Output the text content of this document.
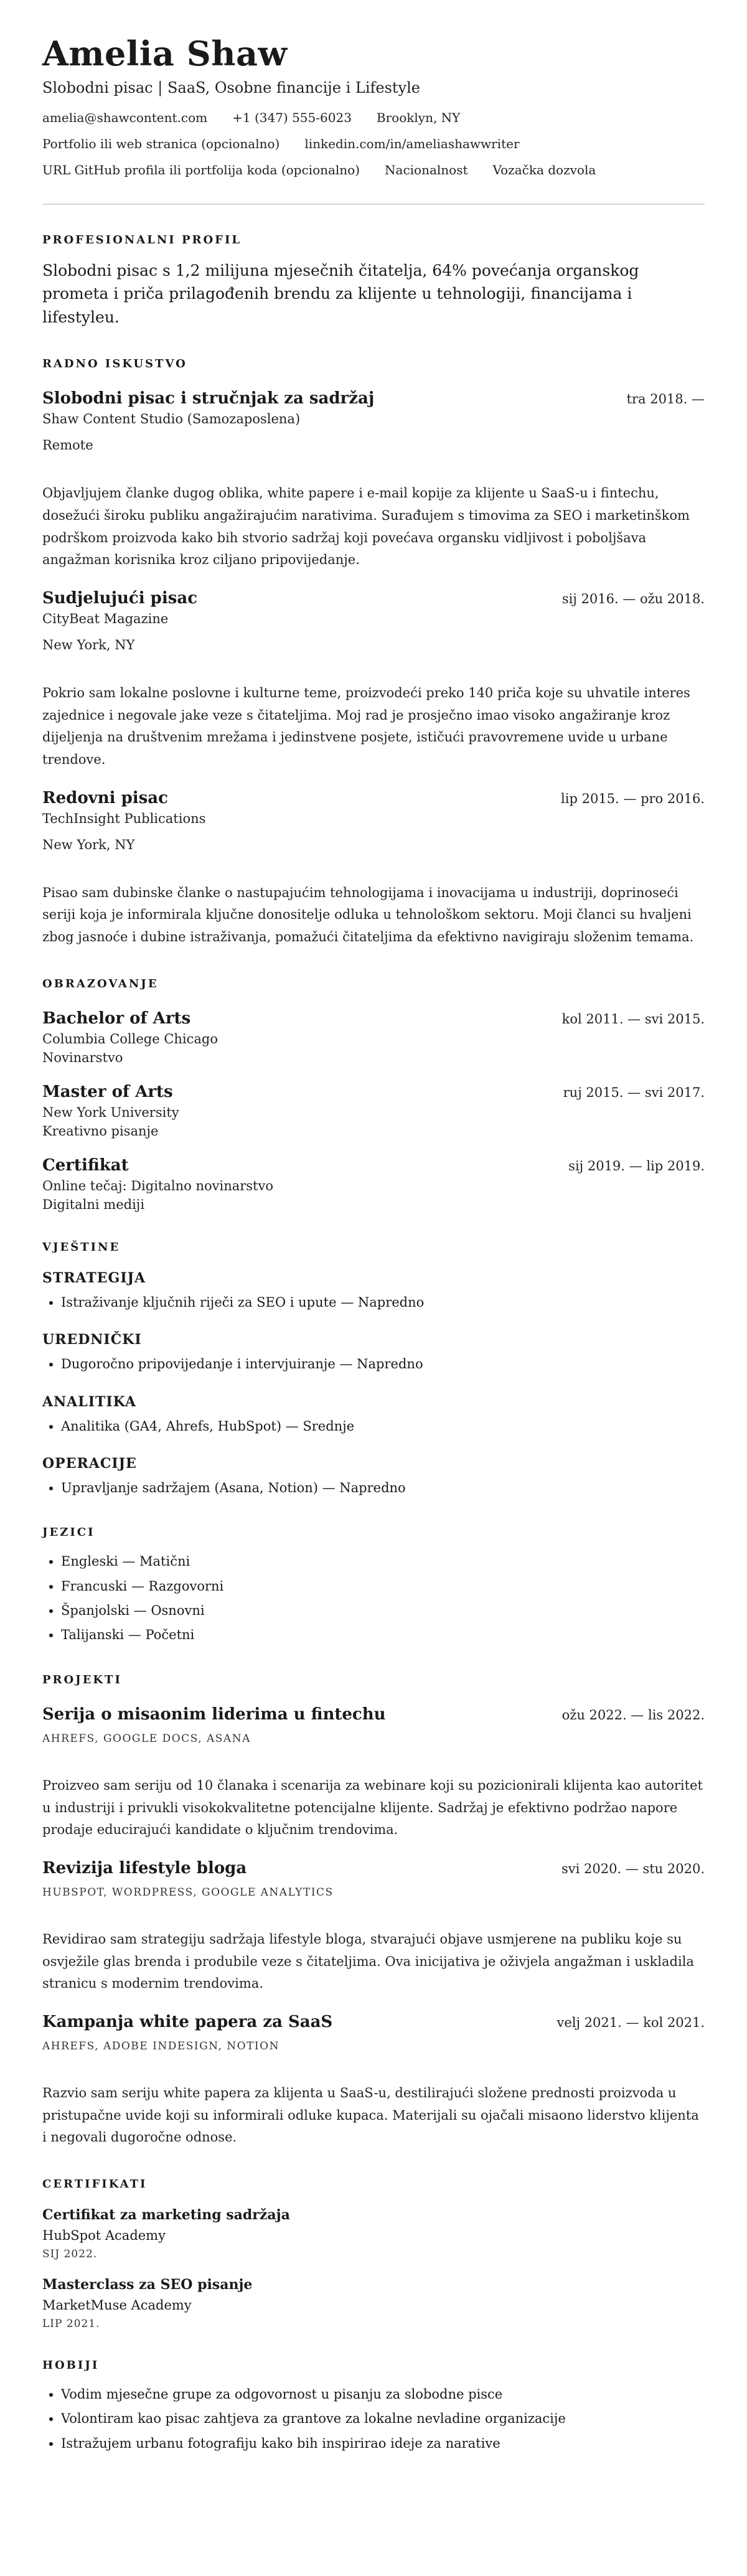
Amelia Shaw
Slobodni pisac | SaaS, Osobne financije i Lifestyle
amelia@shawcontent.com +1 (347) 555-6023 Brooklyn, NY
Portfolio ili web stranica (opcionalno) linkedin.com/in/ameliashawwriter
URL GitHub profila ili portfolija koda (opcionalno) Nacionalnost Vozačka dozvola
PROFESIONALNI PROFIL
Slobodni pisac s 1,2 milijuna mjesečnih čitatelja, 64% povećanja organskog prometa i priča prilagođenih brendu za klijente u tehnologiji, financijama i lifestyleu.
RADNO ISKUSTVO
Slobodni pisac i stručnjak za sadržaj	tra 2018. —
Shaw Content Studio (Samozaposlena)
Remote
Objavljujem članke dugog oblika, white papere i e-mail kopije za klijente u SaaS-u i fintechu, dosežući široku publiku angažirajućim narativima. Surađujem s timovima za SEO i marketinškom podrškom proizvoda kako bih stvorio sadržaj koji povećava organsku vidljivost i poboljšava angažman korisnika kroz ciljano pripovijedanje.
Sudjelujući pisac	sij 2016. — ožu 2018.
CityBeat Magazine
New York, NY
Pokrio sam lokalne poslovne i kulturne teme, proizvodeći preko 140 priča koje su uhvatile interes zajednice i negovale jake veze s čitateljima. Moj rad je prosječno imao visoko angažiranje kroz dijeljenja na društvenim mrežama i jedinstvene posjete, ističući pravovremene uvide u urbane trendove.
Redovni pisac	lip 2015. — pro 2016.
TechInsight Publications
New York, NY
Pisao sam dubinske članke o nastupajućim tehnologijama i inovacijama u industriji, doprinoseći seriji koja je informirala ključne donositelje odluka u tehnološkom sektoru. Moji članci su hvaljeni zbog jasnoće i dubine istraživanja, pomažući čitateljima da efektivno navigiraju složenim temama.
OBRAZOVANJE
Bachelor of Arts	kol 2011. — svi 2015.
Columbia College Chicago
Novinarstvo
Master of Arts	ruj 2015. — svi 2017.
New York University
Kreativno pisanje
Certifikat	sij 2019. — lip 2019.
Online tečaj: Digitalno novinarstvo
Digitalni mediji
VJEŠTINE
STRATEGIJA
• Istraživanje ključnih riječi za SEO i upute — Napredno
UREDNIČKI
• Dugoročno pripovijedanje i intervjuiranje — Napredno
ANALITIKA
• Analitika (GA4, Ahrefs, HubSpot) — Srednje
OPERACIJE
• Upravljanje sadržajem (Asana, Notion) — Napredno
JEZICI
• Engleski — Matični
• Francuski — Razgovorni
• Španjolski — Osnovni
• Talijanski — Početni
PROJEKTI
Serija o misaonim liderima u fintechu	ožu 2022. — lis 2022.
AHREFS, GOOGLE DOCS, ASANA
Proizveo sam seriju od 10 članaka i scenarija za webinare koji su pozicionirali klijenta kao autoritet u industriji i privukli visokokvalitetne potencijalne klijente. Sadržaj je efektivno podržao napore prodaje educirajući kandidate o ključnim trendovima.
Revizija lifestyle bloga	svi 2020. — stu 2020.
HUBSPOT, WORDPRESS, GOOGLE ANALYTICS
Revidirao sam strategiju sadržaja lifestyle bloga, stvarajući objave usmjerene na publiku koje su osvježile glas brenda i produbile veze s čitateljima. Ova inicijativa je oživjela angažman i uskladila stranicu s modernim trendovima.
Kampanja white papera za SaaS	velj 2021. — kol 2021.
AHREFS, ADOBE INDESIGN, NOTION
Razvio sam seriju white papera za klijenta u SaaS-u, destilirajući složene prednosti proizvoda u pristupačne uvide koji su informirali odluke kupaca. Materijali su ojačali misaono liderstvo klijenta i negovali dugoročne odnose.
CERTIFIKATI
Certifikat za marketing sadržaja
HubSpot Academy
SIJ 2022.
Masterclass za SEO pisanje
MarketMuse Academy
LIP 2021.
HOBIJI
• Vodim mjesečne grupe za odgovornost u pisanju za slobodne pisce
• Volontiram kao pisac zahtjeva za grantove za lokalne nevladine organizacije
• Istražujem urbanu fotografiju kako bih inspirirao ideje za narative
